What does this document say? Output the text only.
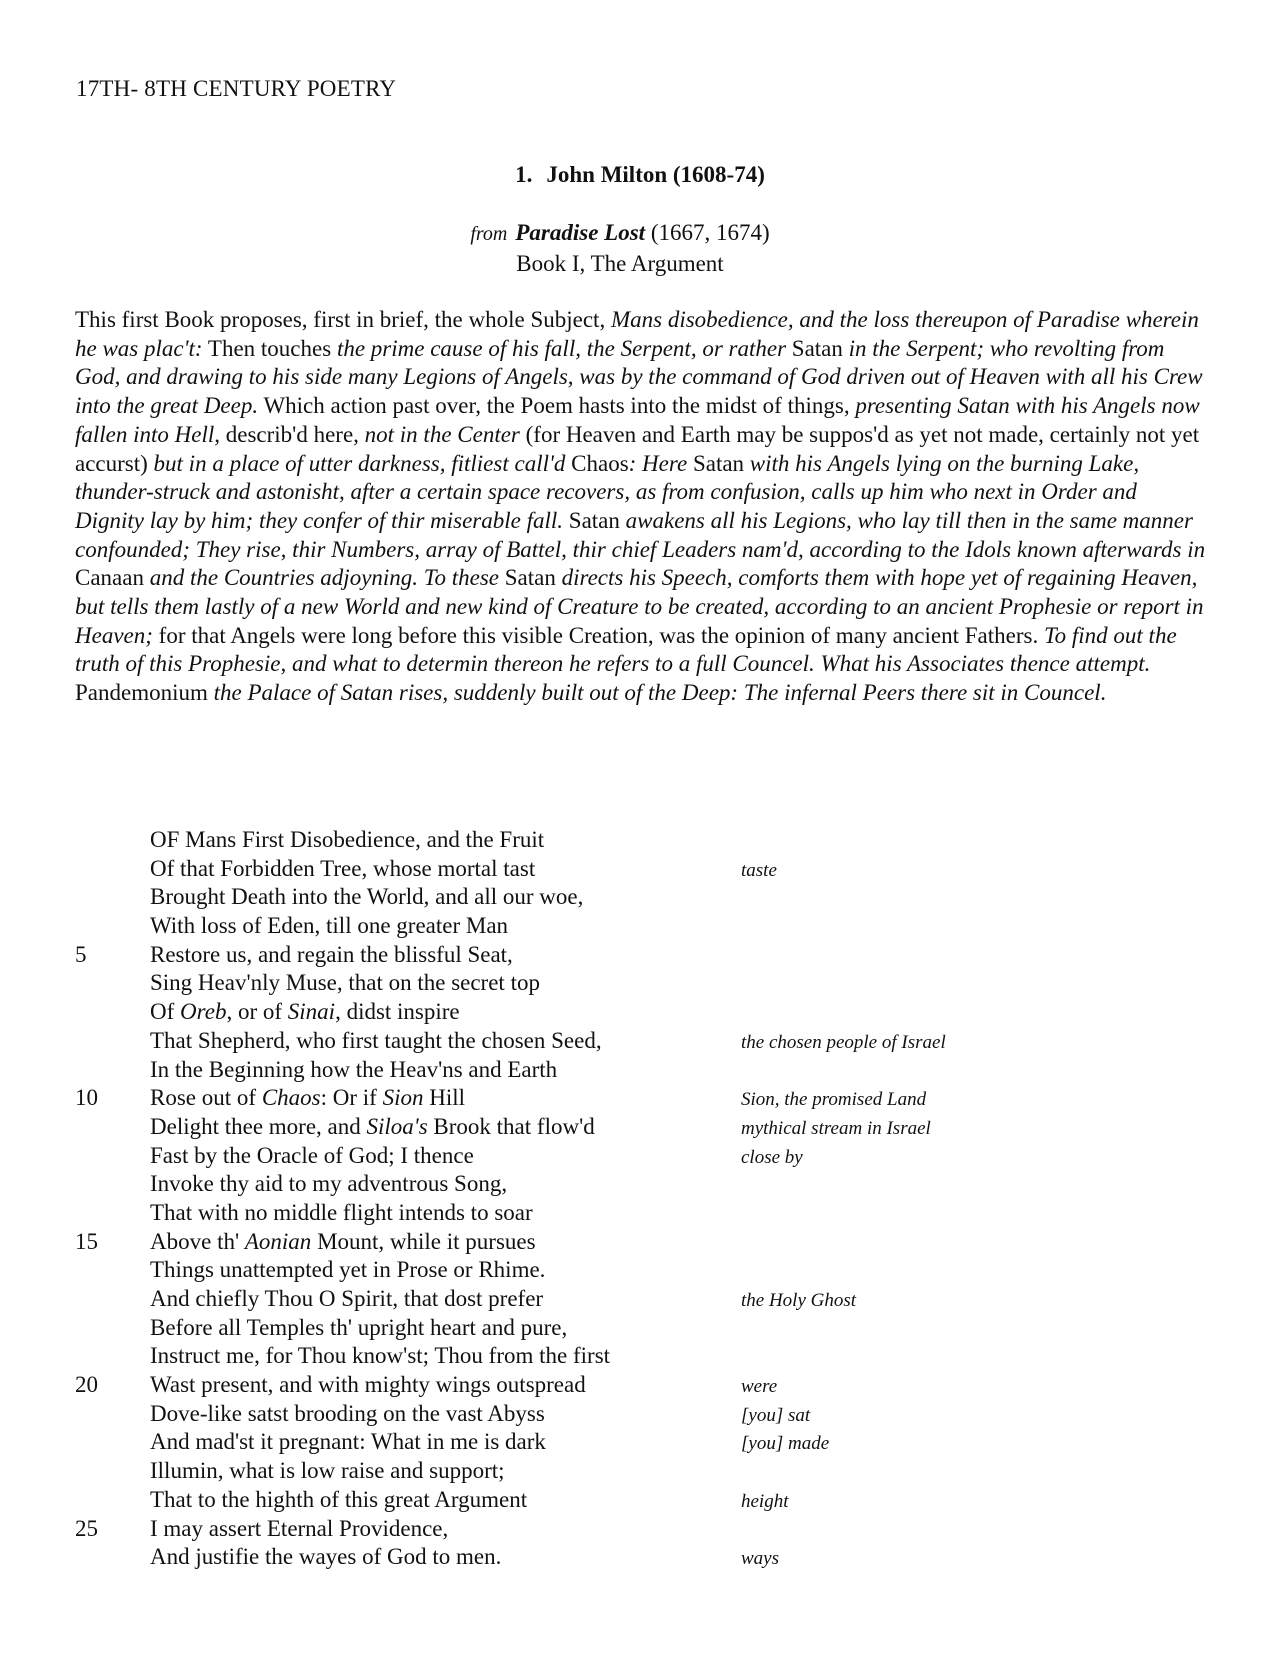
17TH- 8TH CENTURY POETRY
1. John Milton (1608-74)
from Paradise Lost (1667, 1674)
Book I, The Argument
This first Book proposes, first in brief, the whole Subject, Mans disobedience, and the loss thereupon of Paradise wherein he was plac't: Then touches the prime cause of his fall, the Serpent, or rather Satan in the Serpent; who revolting from God, and drawing to his side many Legions of Angels, was by the command of God driven out of Heaven with all his Crew into the great Deep. Which action past over, the Poem hasts into the midst of things, presenting Satan with his Angels now fallen into Hell, describ'd here, not in the Center (for Heaven and Earth may be suppos'd as yet not made, certainly not yet accurst) but in a place of utter darkness, fitliest call'd Chaos: Here Satan with his Angels lying on the burning Lake, thunder-struck and astonisht, after a certain space recovers, as from confusion, calls up him who next in Order and Dignity lay by him; they confer of thir miserable fall. Satan awakens all his Legions, who lay till then in the same manner confounded; They rise, thir Numbers, array of Battel, thir chief Leaders nam'd, according to the Idols known afterwards in Canaan and the Countries adjoyning. To these Satan directs his Speech, comforts them with hope yet of regaining Heaven, but tells them lastly of a new World and new kind of Creature to be created, according to an ancient Prophesie or report in Heaven; for that Angels were long before this visible Creation, was the opinion of many ancient Fathers. To find out the truth of this Prophesie, and what to determin thereon he refers to a full Councel. What his Associates thence attempt. Pandemonium the Palace of Satan rises, suddenly built out of the Deep: The infernal Peers there sit in Councel.
OF Mans First Disobedience, and the Fruit
Of that Forbidden Tree, whose mortal tast	taste
Brought Death into the World, and all our woe,
With loss of Eden, till one greater Man
5	Restore us, and regain the blissful Seat,
Sing Heav'nly Muse, that on the secret top
Of Oreb, or of Sinai, didst inspire
That Shepherd, who first taught the chosen Seed,	the chosen people of Israel
In the Beginning how the Heav'ns and Earth
10 Rose out of Chaos: Or if Sion Hill	Sion, the promised Land
Delight thee more, and Siloa's Brook that flow'd	mythical stream in Israel
Fast by the Oracle of God; I thence	close by
Invoke thy aid to my adventrous Song,
That with no middle flight intends to soar
15 Above th' Aonian Mount, while it pursues
Things unattempted yet in Prose or Rhime.
And chiefly Thou O Spirit, that dost prefer	the Holy Ghost
Before all Temples th' upright heart and pure,
Instruct me, for Thou know'st; Thou from the first
20 Wast present, and with mighty wings outspread	were
Dove-like satst brooding on the vast Abyss	[you] sat
And mad'st it pregnant: What in me is dark	[you] made
Illumin, what is low raise and support;
That to the highth of this great Argument	height
25 I may assert Eternal Providence,
And justifie the wayes of God to men.	ways
